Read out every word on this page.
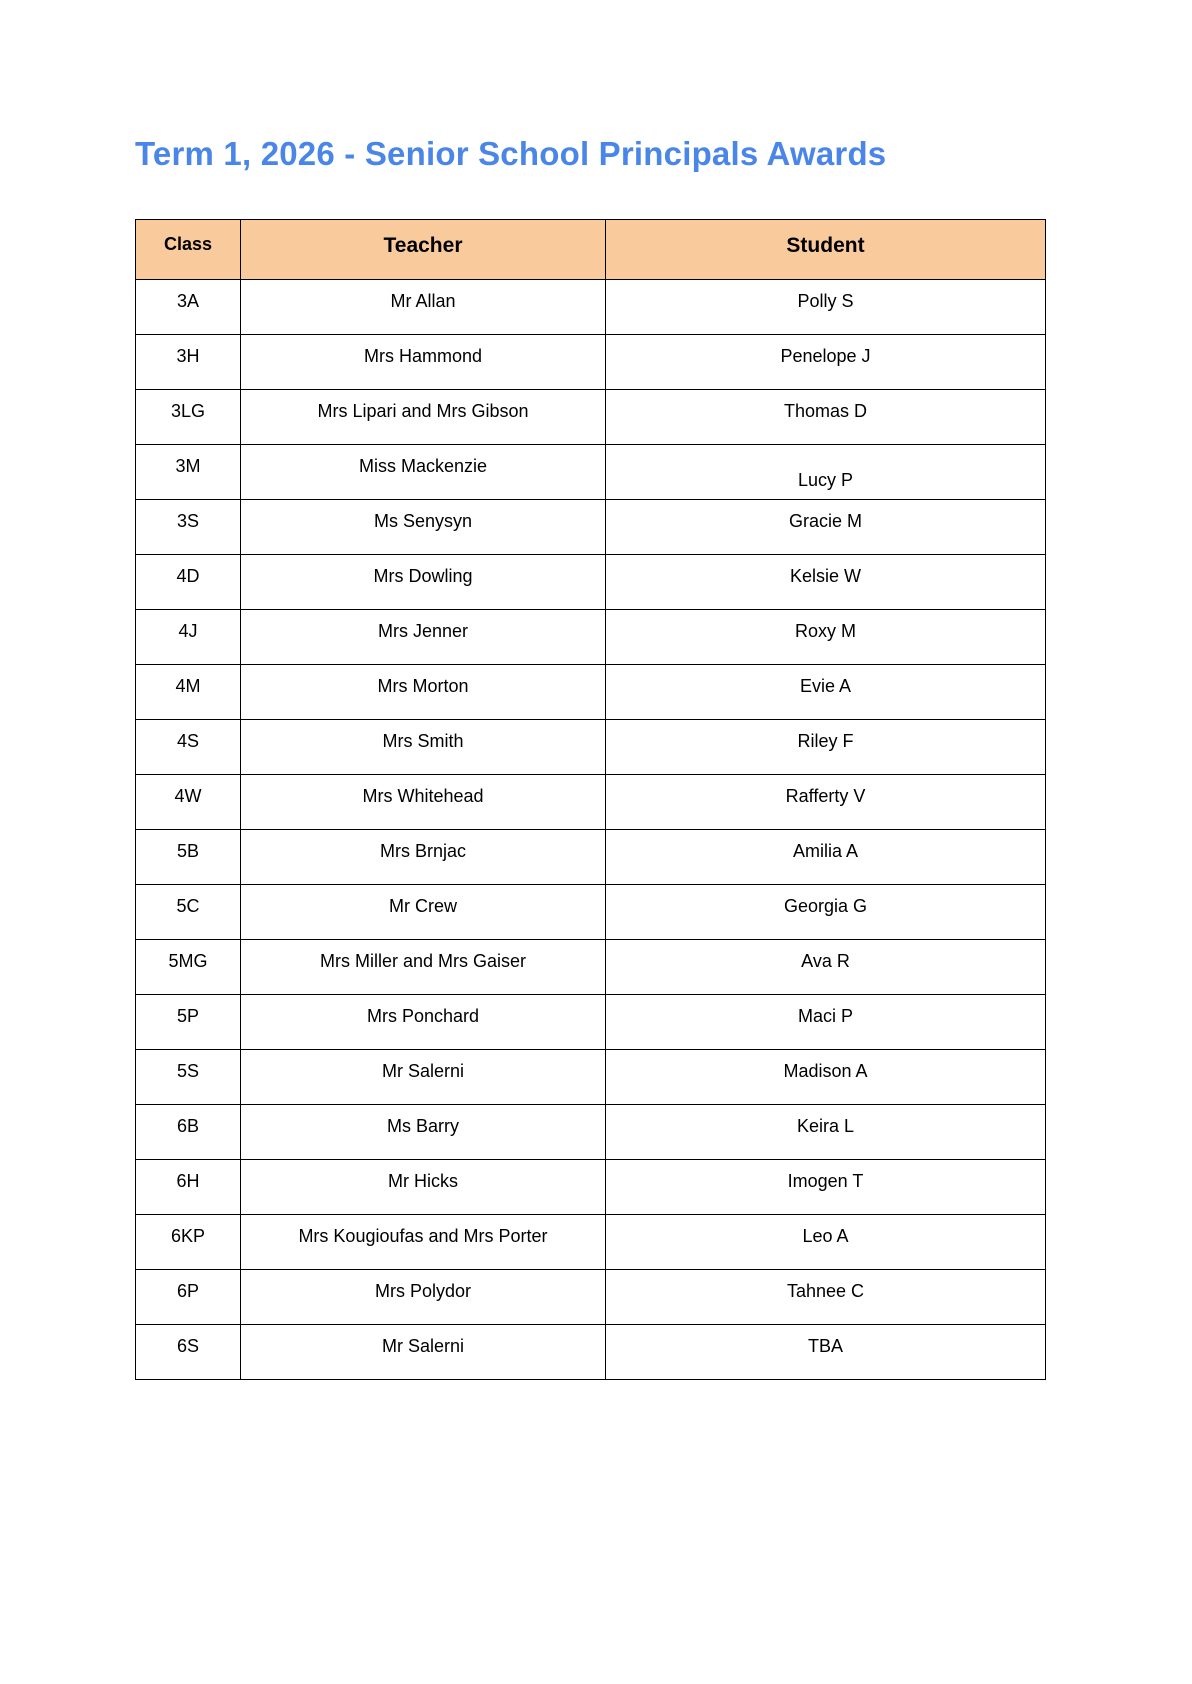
Term 1, 2026 - Senior School Principals Awards
Class	Teacher	Student
3A	Mr Allan	Polly S
3H	Mrs Hammond	Penelope J
3LG	Mrs Lipari and Mrs Gibson	Thomas D
3M	Miss Mackenzie	Lucy P
3S	Ms Senysyn	Gracie M
4D	Mrs Dowling	Kelsie W
4J	Mrs Jenner	Roxy M
4M	Mrs Morton	Evie A
4S	Mrs Smith	Riley F
4W	Mrs Whitehead	Rafferty V
5B	Mrs Brnjac	Amilia A
5C	Mr Crew	Georgia G
5MG	Mrs Miller and Mrs Gaiser	Ava R
5P	Mrs Ponchard	Maci P
5S	Mr Salerni	Madison A
6B	Ms Barry	Keira L
6H	Mr Hicks	Imogen T
6KP	Mrs Kougioufas and Mrs Porter	Leo A
6P	Mrs Polydor	Tahnee C
6S	Mr Salerni	TBA
